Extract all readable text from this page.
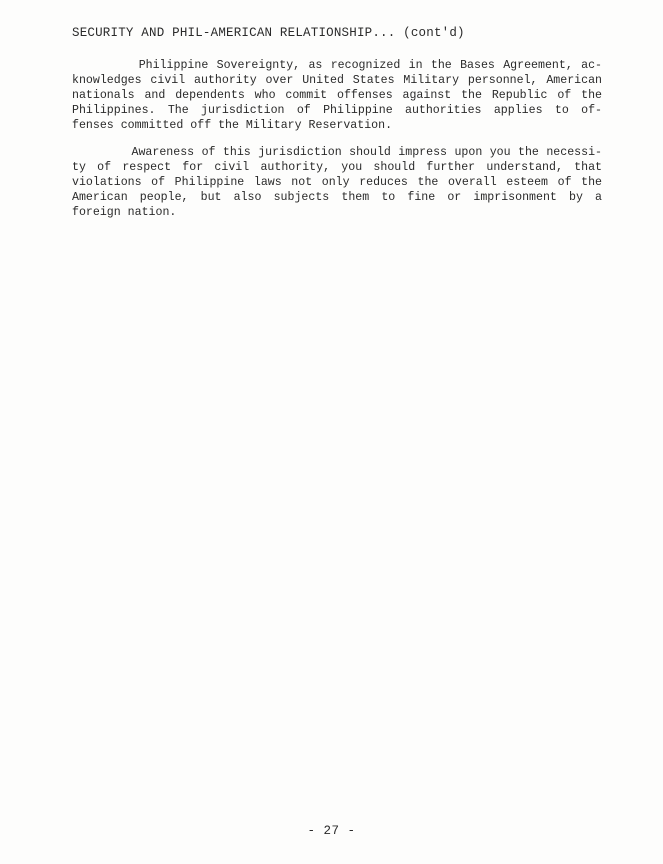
SECURITY AND PHIL-AMERICAN RELATIONSHIP... (cont'd)
Philippine Sovereignty, as recognized in the Bases Agreement, ac-
knowledges civil authority over United States Military personnel, American
nationals and dependents who commit offenses against the Republic of the
Philippines. The jurisdiction of Philippine authorities applies to of-
fenses committed off the Military Reservation.
Awareness of this jurisdiction should impress upon you the necessi-
ty of respect for civil authority, you should further understand, that
violations of Philippine laws not only reduces the overall esteem of the
American people, but also subjects them to fine or imprisonment by a
foreign nation.
- 27 -
